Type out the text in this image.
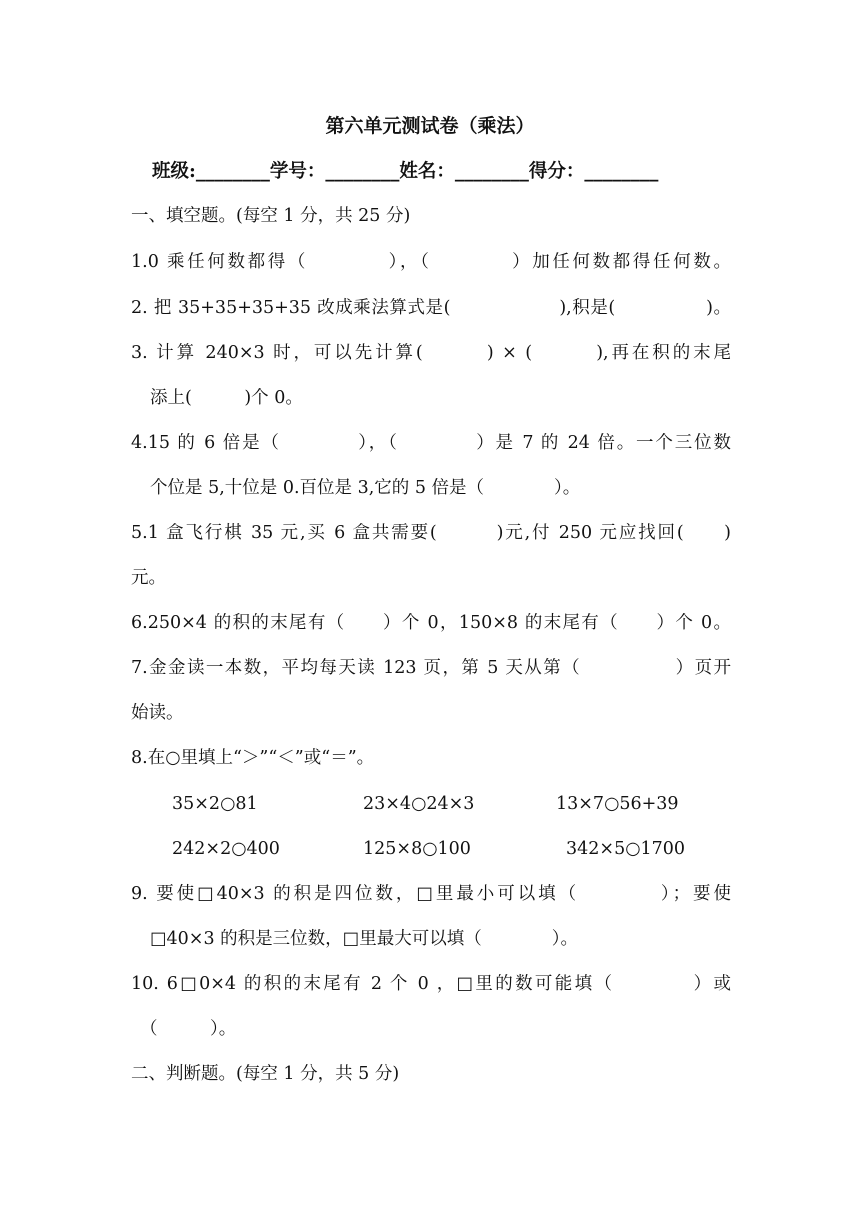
第六单元测试卷（乘法）
班级:________学号：________姓名：________得分：________
一、填空题。(每空 1 分，共 25 分)
1.0 乘任何数都得（　　　　），（　　　　）加任何数都得任何数。
2. 把 35+35+35+35 改成乘法算式是(　　　　　　),积是(　　　　　)。
3. 计算 240×3 时，可以先计算(　　　) × (　　　),再在积的末尾
添上(　　　)个 0。
4.15 的 6 倍是（　　　　），（　　　　）是 7 的 24 倍。一个三位数
个位是 5,十位是 0.百位是 3,它的 5 倍是（　　　　）。
5.1 盒飞行棋 35 元,买 6 盒共需要(　　　)元,付 250 元应找回(　　)
元。
6.250×4 的积的末尾有（　　）个 0，150×8 的末尾有（　　）个 0。
7.金金读一本数，平均每天读 123 页，第 5 天从第（　　　　　）页开
始读。
8.在○里填上“＞”“＜”或“＝”。
35×2○81	23×4○24×3	13×7○56+39
242×2○400	125×8○100	342×5○1700
9. 要使□40×3 的积是四位数，□里最小可以填（　　　　）；要使
□40×3 的积是三位数，□里最大可以填（　　　　）。
10. 6□0×4 的积的末尾有 2 个 0 ，□里的数可能填（　　　　）或
（　　　）。
二、判断题。(每空 1 分，共 5 分)
